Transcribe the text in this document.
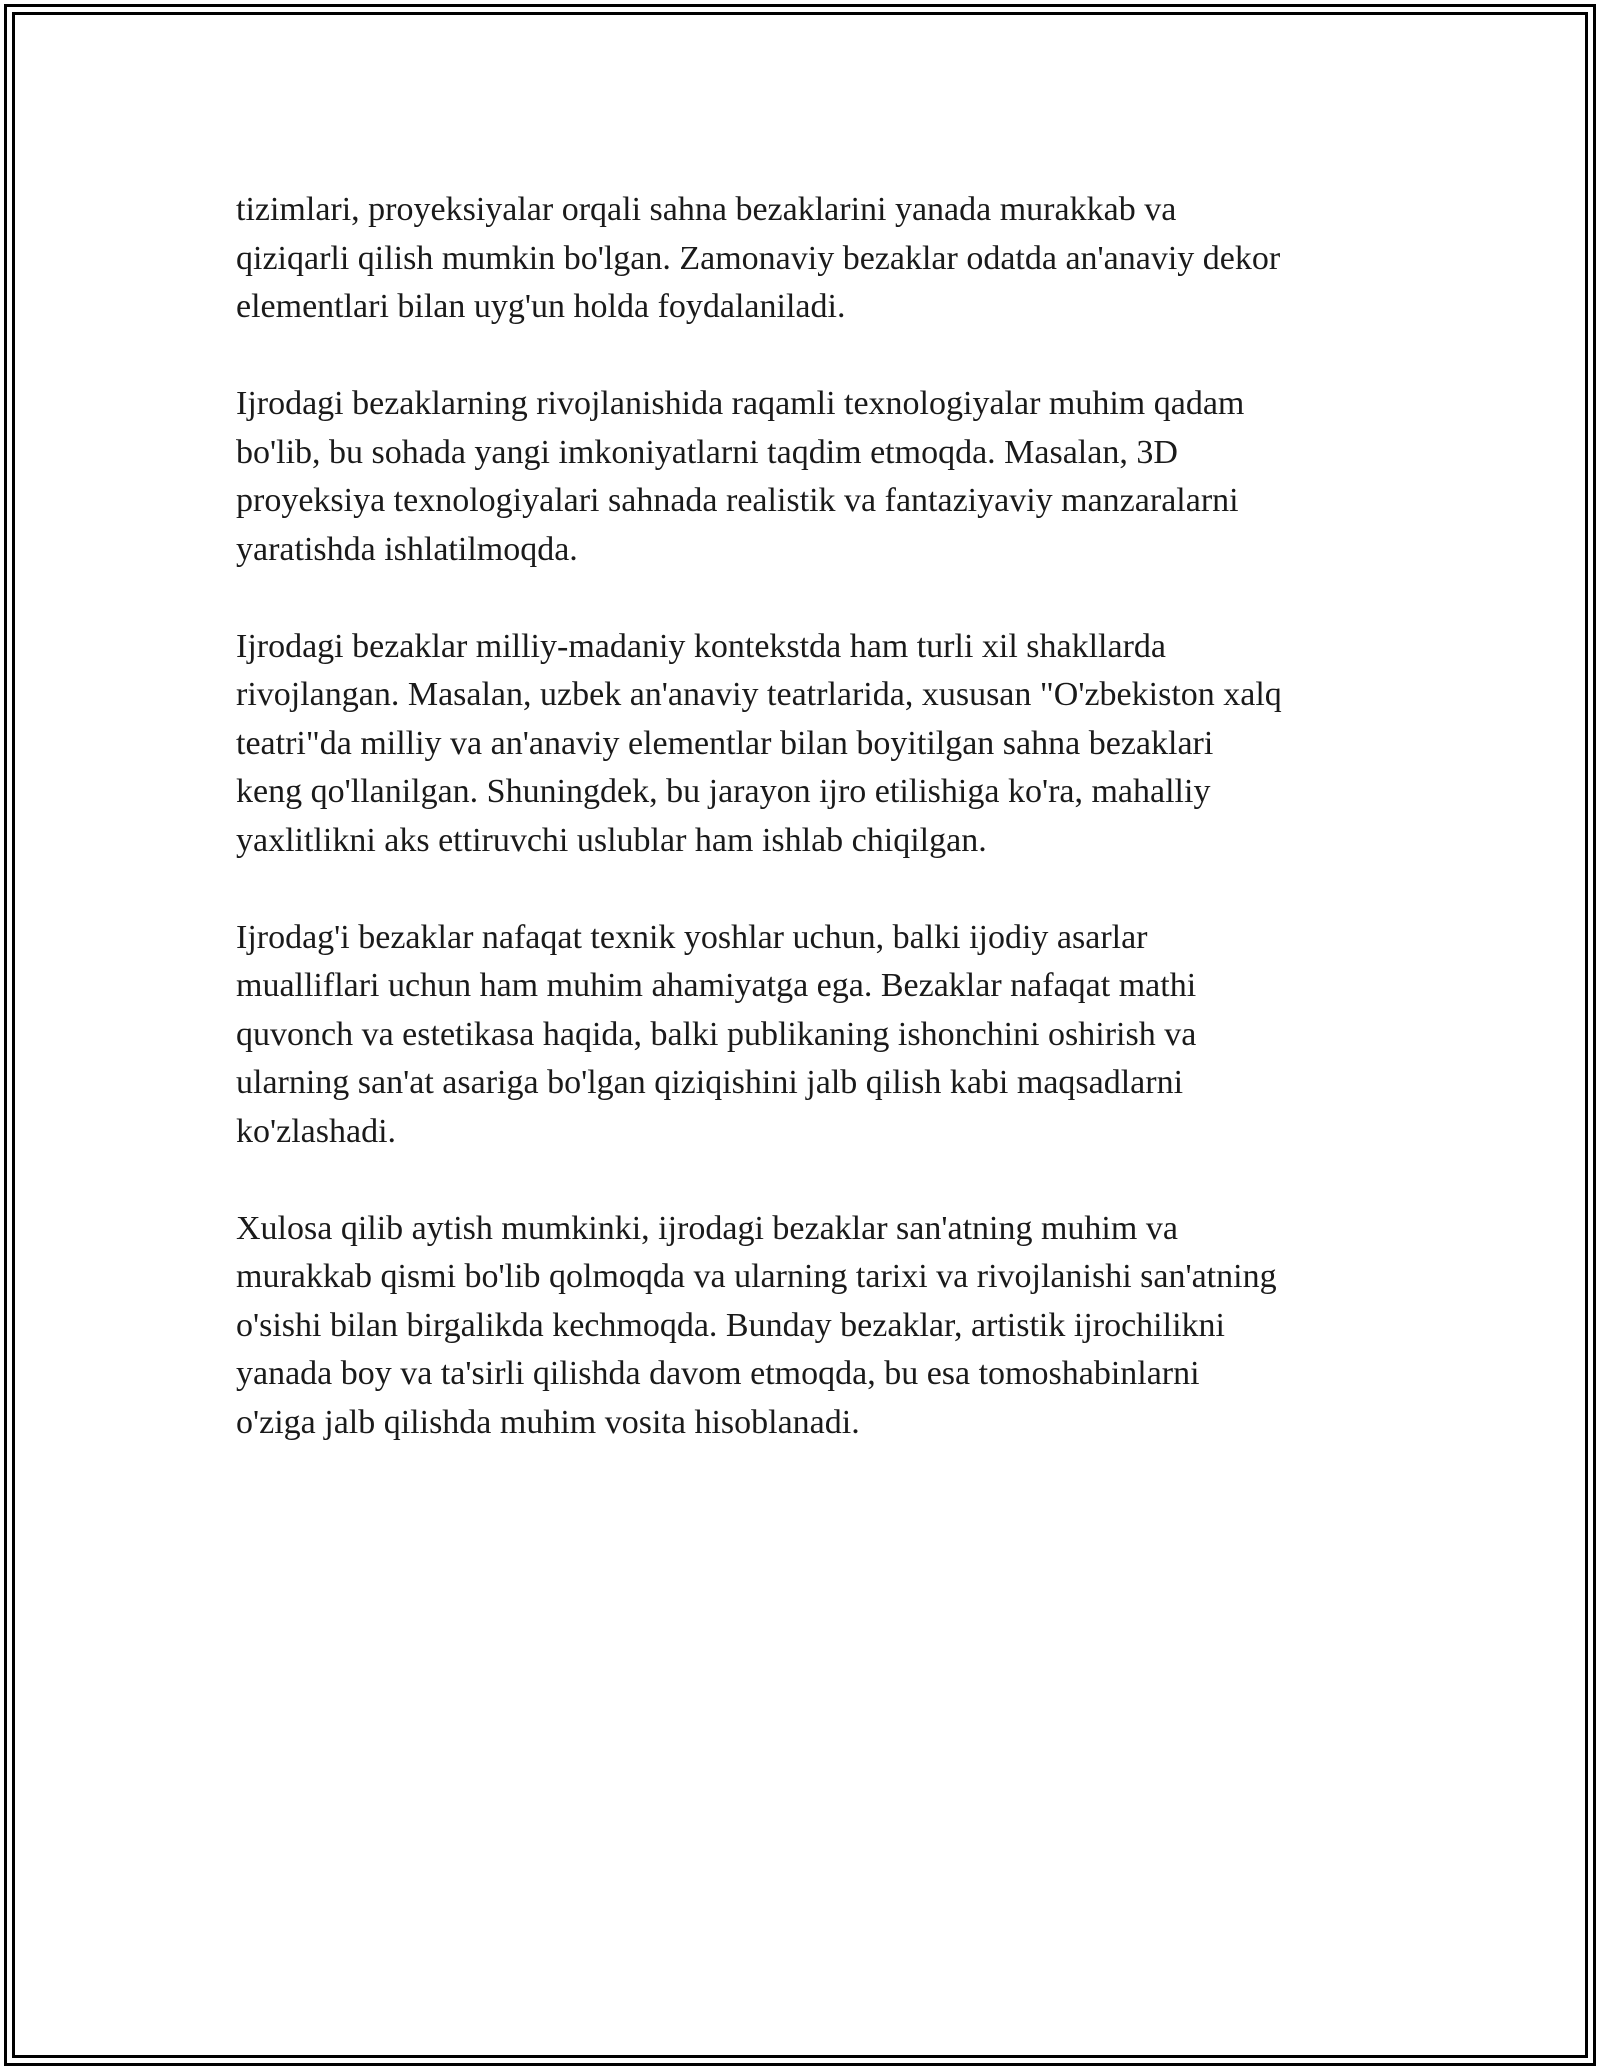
tizimlari, proyeksiyalar orqali sahna bezaklarini yanada murakkab va
qiziqarli qilish mumkin bo'lgan. Zamonaviy bezaklar odatda an'anaviy dekor
elementlari bilan uyg'un holda foydalaniladi.

Ijrodagi bezaklarning rivojlanishida raqamli texnologiyalar muhim qadam
bo'lib, bu sohada yangi imkoniyatlarni taqdim etmoqda. Masalan, 3D
proyeksiya texnologiyalari sahnada realistik va fantaziyaviy manzaralarni
yaratishda ishlatilmoqda.

Ijrodagi bezaklar milliy-madaniy kontekstda ham turli xil shakllarda
rivojlangan. Masalan, uzbek an'anaviy teatrlarida, xususan "O'zbekiston xalq
teatri"da milliy va an'anaviy elementlar bilan boyitilgan sahna bezaklari
keng qo'llanilgan. Shuningdek, bu jarayon ijro etilishiga ko'ra, mahalliy
yaxlitlikni aks ettiruvchi uslublar ham ishlab chiqilgan.

Ijrodag'i bezaklar nafaqat texnik yoshlar uchun, balki ijodiy asarlar
mualliflari uchun ham muhim ahamiyatga ega. Bezaklar nafaqat mathi
quvonch va estetikasa haqida, balki publikaning ishonchini oshirish va
ularning san'at asariga bo'lgan qiziqishini jalb qilish kabi maqsadlarni
ko'zlashadi.

Xulosa qilib aytish mumkinki, ijrodagi bezaklar san'atning muhim va
murakkab qismi bo'lib qolmoqda va ularning tarixi va rivojlanishi san'atning
o'sishi bilan birgalikda kechmoqda. Bunday bezaklar, artistik ijrochilikni
yanada boy va ta'sirli qilishda davom etmoqda, bu esa tomoshabinlarni
o'ziga jalb qilishda muhim vosita hisoblanadi.
